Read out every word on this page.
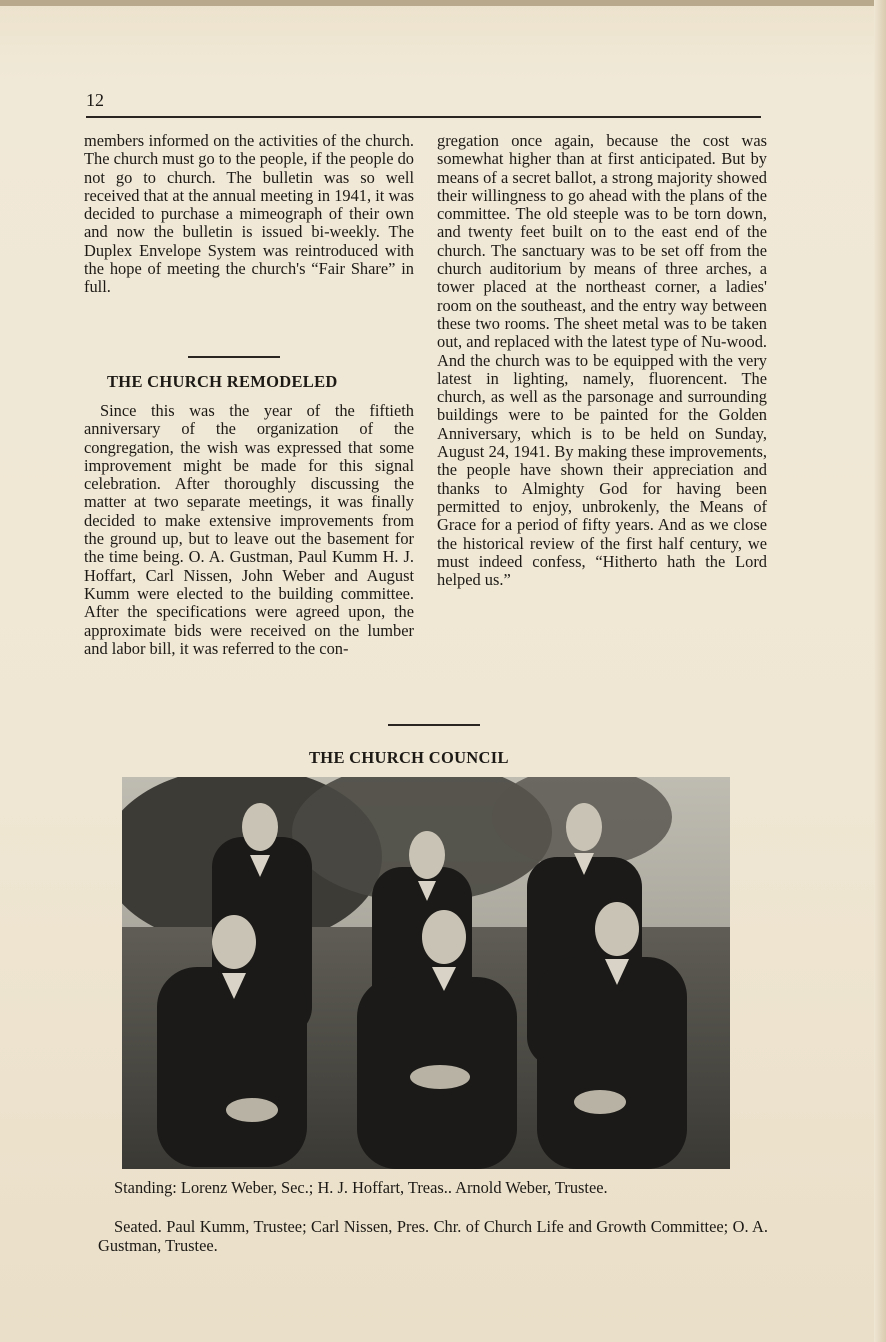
12

members informed on the activities of the church. The church must go to the people, if the people do not go to church. The bulletin was so well received that at the annual meeting in 1941, it was decided to purchase a mimeograph of their own and now the bulletin is issued bi-weekly. The Duplex Envelope System was reintroduced with the hope of meeting the church's “Fair Share” in full.

THE CHURCH REMODELED

Since this was the year of the fiftieth anniversary of the organization of the congregation, the wish was expressed that some improvement might be made for this signal celebration. After thoroughly discussing the matter at two separate meetings, it was finally decided to make extensive improvements from the ground up, but to leave out the basement for the time being. O. A. Gustman, Paul Kumm H. J. Hoffart, Carl Nissen, John Weber and August Kumm were elected to the building committee. After the specifications were agreed upon, the approximate bids were received on the lumber and labor bill, it was referred to the con-

gregation once again, because the cost was somewhat higher than at first anticipated. But by means of a secret ballot, a strong majority showed their willingness to go ahead with the plans of the committee. The old steeple was to be torn down, and twenty feet built on to the east end of the church. The sanctuary was to be set off from the church auditorium by means of three arches, a tower placed at the northeast corner, a ladies' room on the southeast, and the entry way between these two rooms. The sheet metal was to be taken out, and replaced with the latest type of Nu-wood. And the church was to be equipped with the very latest in lighting, namely, fluorencent. The church, as well as the parsonage and surrounding buildings were to be painted for the Golden Anniversary, which is to be held on Sunday, August 24, 1941. By making these improvements, the people have shown their appreciation and thanks to Almighty God for having been permitted to enjoy, unbrokenly, the Means of Grace for a period of fifty years. And as we close the historical review of the first half century, we must indeed confess, “Hitherto hath the Lord helped us.”

THE CHURCH COUNCIL

Standing: Lorenz Weber, Sec.; H. J. Hoffart, Treas.. Arnold Weber, Trustee.

Seated. Paul Kumm, Trustee; Carl Nissen, Pres. Chr. of Church Life and Growth Committee; O. A. Gustman, Trustee.
